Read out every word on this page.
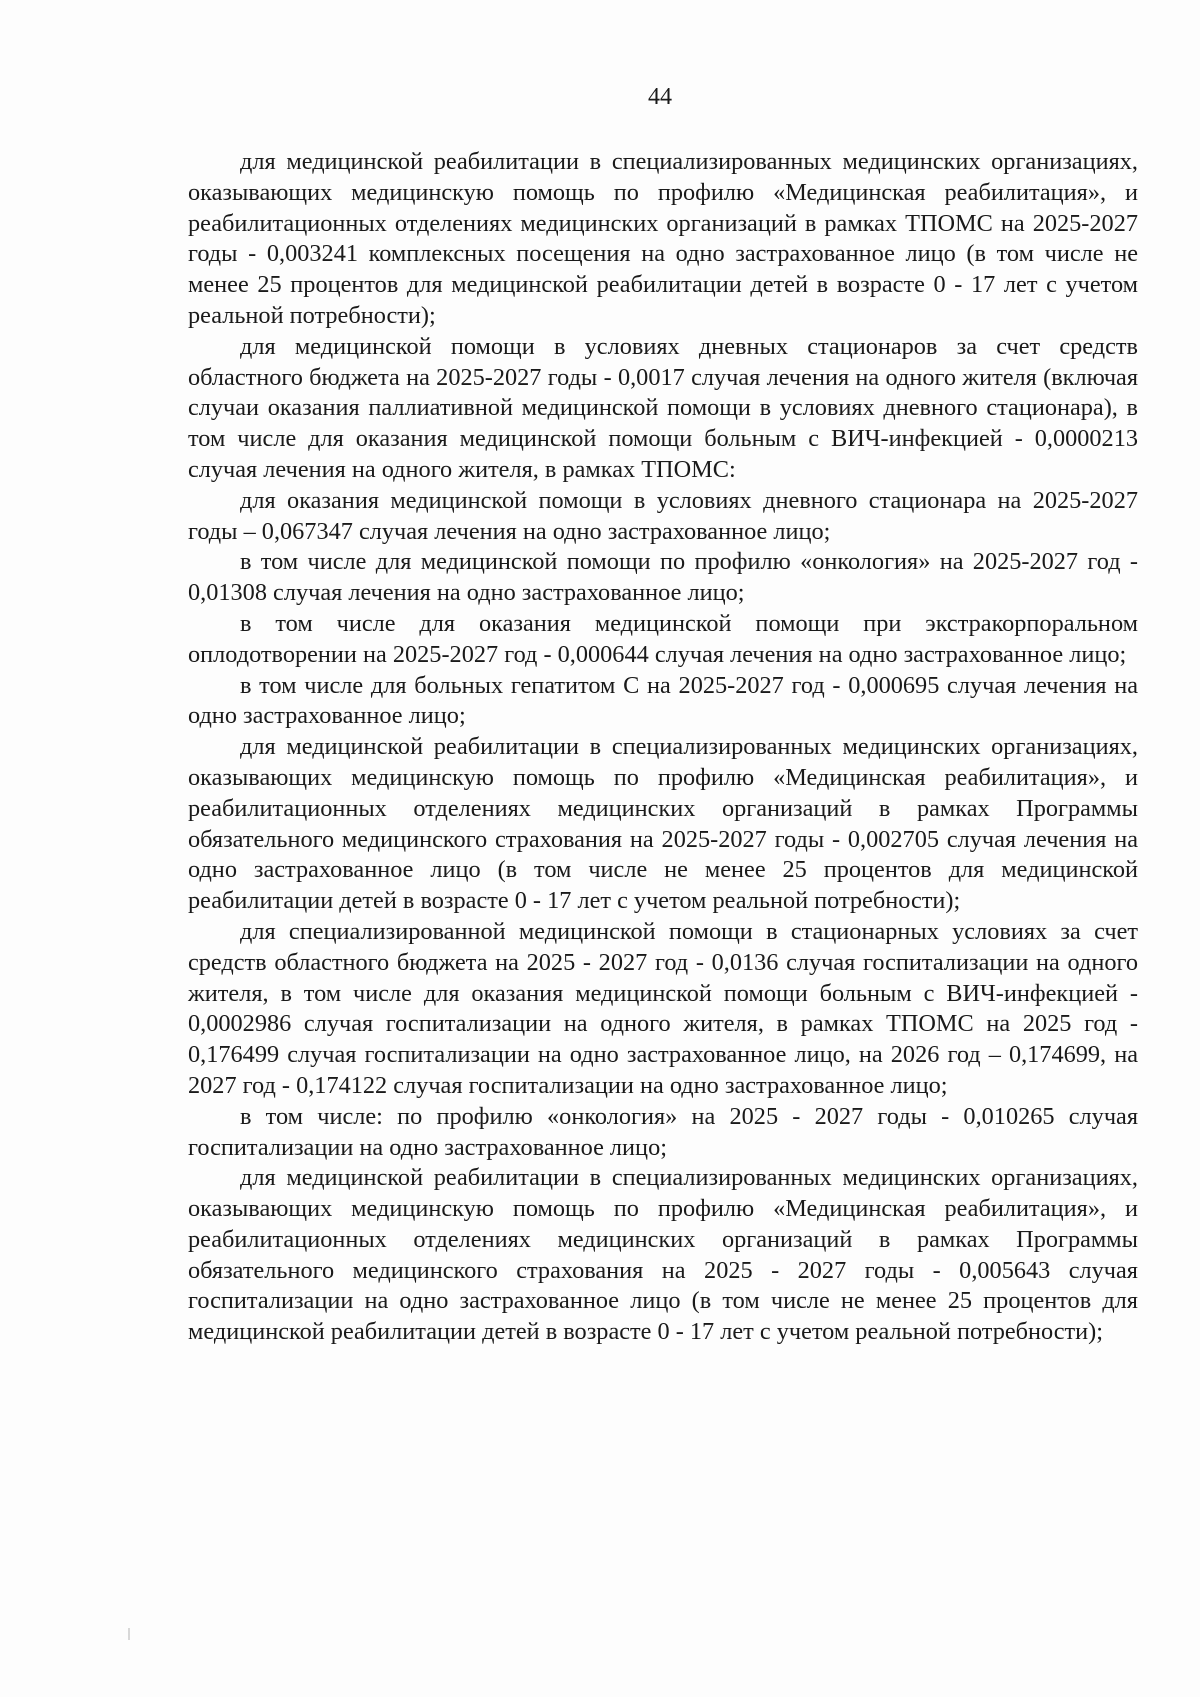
44

для медицинской реабилитации в специализированных медицинских организациях, оказывающих медицинскую помощь по профилю «Медицинская реабилитация», и реабилитационных отделениях медицинских организаций в рамках ТПОМС на 2025-2027 годы - 0,003241 комплексных посещения на одно застрахованное лицо (в том числе не менее 25 процентов для медицинской реабилитации детей в возрасте 0 - 17 лет с учетом реальной потребности);

для медицинской помощи в условиях дневных стационаров за счет средств областного бюджета на 2025-2027 годы - 0,0017 случая лечения на одного жителя (включая случаи оказания паллиативной медицинской помощи в условиях дневного стационара), в том числе для оказания медицинской помощи больным с ВИЧ-инфекцией - 0,0000213 случая лечения на одного жителя, в рамках ТПОМС:

для оказания медицинской помощи в условиях дневного стационара на 2025-2027 годы – 0,067347 случая лечения на одно застрахованное лицо;

в том числе для медицинской помощи по профилю «онкология» на 2025-2027 год - 0,01308 случая лечения на одно застрахованное лицо;

в том числе для оказания медицинской помощи при экстракорпоральном оплодотворении на 2025-2027 год - 0,000644 случая лечения на одно застрахованное лицо;

в том числе для больных гепатитом С на 2025-2027 год - 0,000695 случая лечения на одно застрахованное лицо;

для медицинской реабилитации в специализированных медицинских организациях, оказывающих медицинскую помощь по профилю «Медицинская реабилитация», и реабилитационных отделениях медицинских организаций в рамках Программы обязательного медицинского страхования на 2025-2027 годы - 0,002705 случая лечения на одно застрахованное лицо (в том числе не менее 25 процентов для медицинской реабилитации детей в возрасте 0 - 17 лет с учетом реальной потребности);

для специализированной медицинской помощи в стационарных условиях за счет средств областного бюджета на 2025 - 2027 год - 0,0136 случая госпитализации на одного жителя, в том числе для оказания медицинской помощи больным с ВИЧ-инфекцией - 0,0002986 случая госпитализации на одного жителя, в рамках ТПОМС на 2025 год - 0,176499 случая госпитализации на одно застрахованное лицо, на 2026 год – 0,174699, на 2027 год - 0,174122 случая госпитализации на одно застрахованное лицо;

в том числе: по профилю «онкология» на 2025 - 2027 годы - 0,010265 случая госпитализации на одно застрахованное лицо;

для медицинской реабилитации в специализированных медицинских организациях, оказывающих медицинскую помощь по профилю «Медицинская реабилитация», и реабилитационных отделениях медицинских организаций в рамках Программы обязательного медицинского страхования на 2025 - 2027 годы - 0,005643 случая госпитализации на одно застрахованное лицо (в том числе не менее 25 процентов для медицинской реабилитации детей в возрасте 0 - 17 лет с учетом реальной потребности);
